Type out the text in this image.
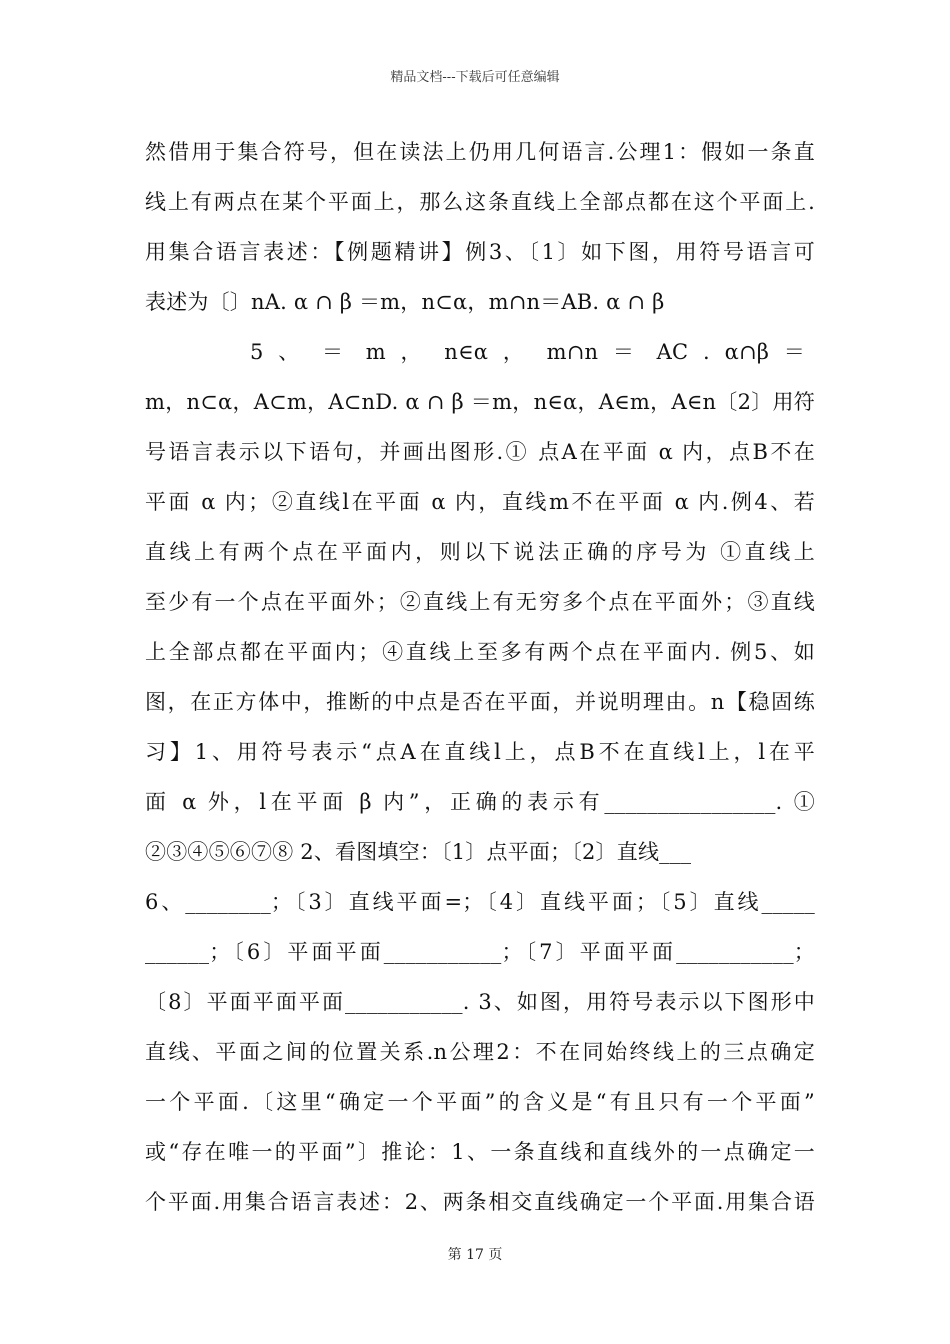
精品文档---下载后可任意编辑
然借用于集合符号，但在读法上仍用几何语言.公理1：假如一条直
线上有两点在某个平面上，那么这条直线上全部点都在这个平面上.
用集合语言表述：【例题精讲】例3、〔1〕如下图，用符号语言可
表述为〔〕nA. α ∩ β ＝m，n⊂α，m∩n＝AB. α ∩ β
5 、 ＝ m ， n∈α ， m∩n ＝ AC . α∩β ＝
m，n⊂α，A⊂m，A⊂nD. α ∩ β ＝m，n∈α，A∈m，A∈n〔2〕用符
号语言表示以下语句，并画出图形.① 点A在平面 α 内，点B不在
平面 α 内；②直线l在平面 α 内，直线m不在平面 α 内.例4、若
直线上有两个点在平面内，则以下说法正确的序号为 ①直线上
至少有一个点在平面外；②直线上有无穷多个点在平面外；③直线
上全部点都在平面内；④直线上至多有两个点在平面内. 例5、如
图，在正方体中，推断的中点是否在平面，并说明理由。n【稳固练
习】1、用符号表示“点A在直线l上，点B不在直线l上，l在平
面 α 外，l在平面 β 内”，正确的表示有________________. ①
②③④⑤⑥⑦⑧ 2、看图填空：〔1〕点平面；〔2〕直线___
6、________；〔3〕直线平面=；〔4〕直线平面；〔5〕直线_____
______；〔6〕平面平面___________；〔7〕平面平面___________；
〔8〕平面平面平面___________. 3、如图，用符号表示以下图形中
直线、平面之间的位置关系.n公理2：不在同始终线上的三点确定
一个平面.〔这里“确定一个平面”的含义是“有且只有一个平面”
或“存在唯一的平面”〕推论：1、一条直线和直线外的一点确定一
个平面.用集合语言表述：2、两条相交直线确定一个平面.用集合语
第 17 页
